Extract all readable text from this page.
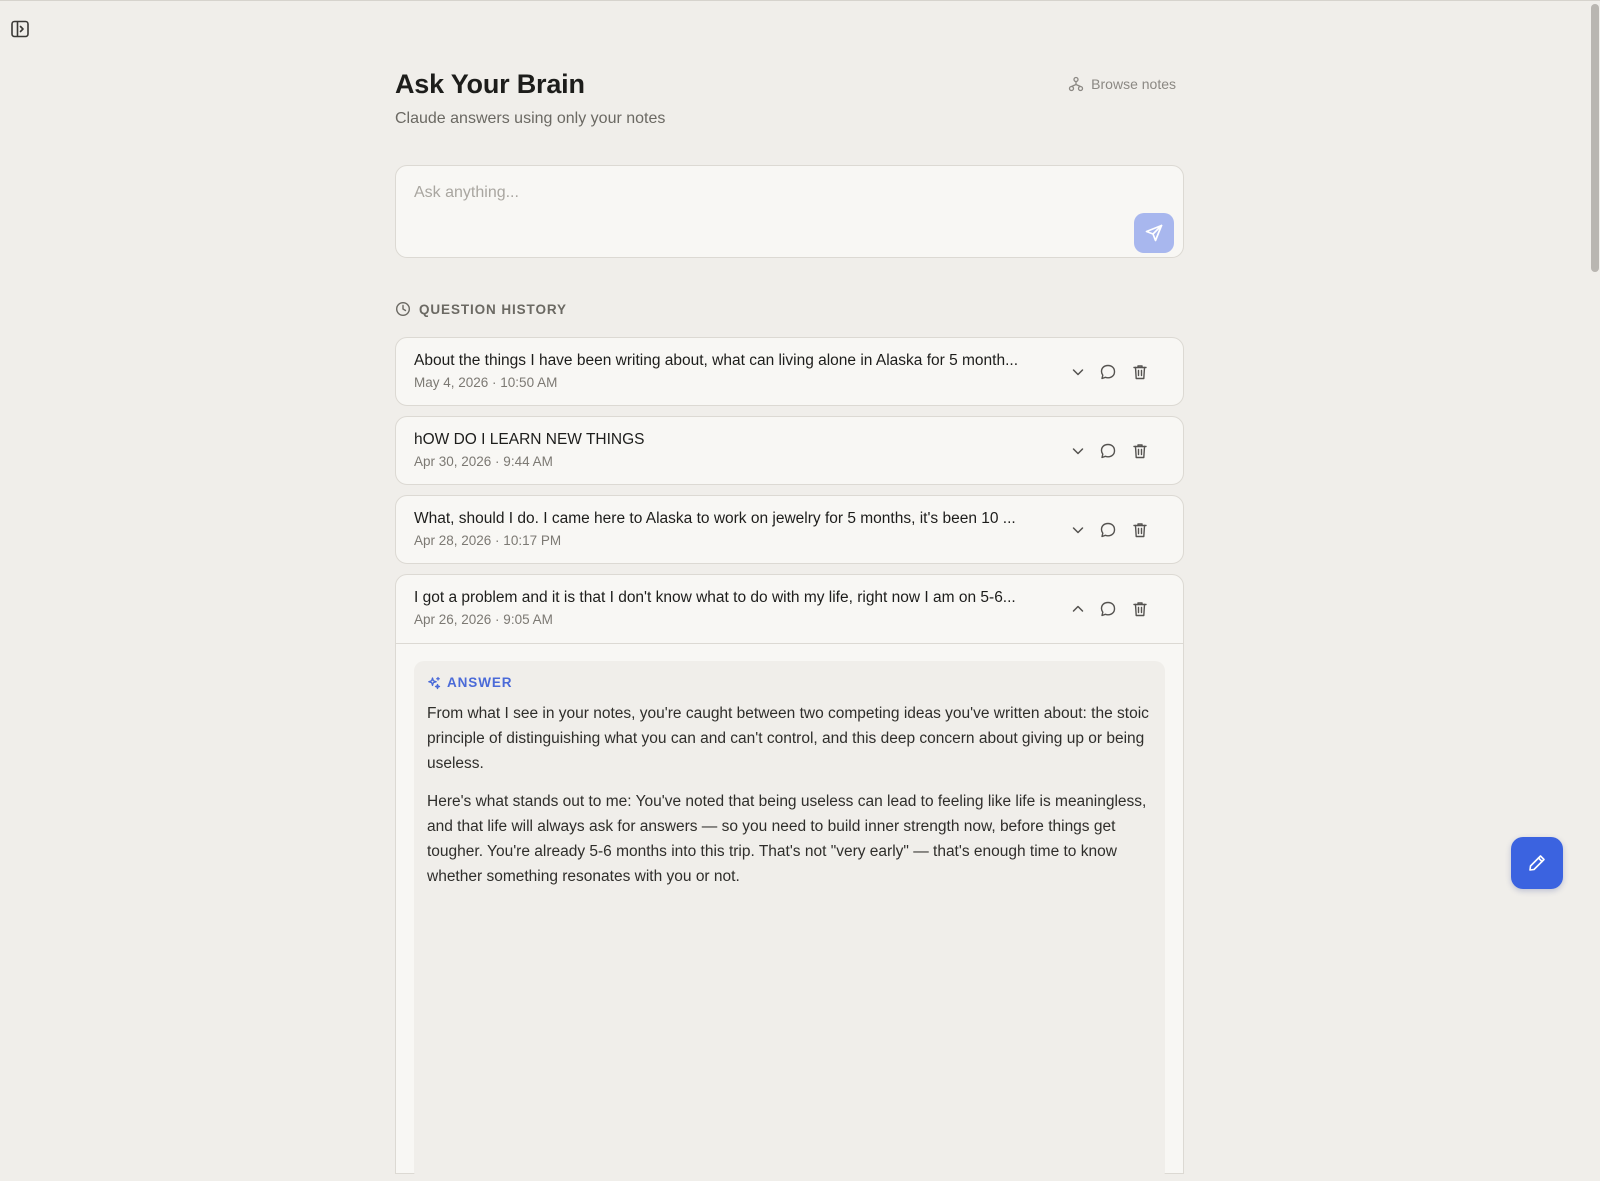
Ask Your Brain
Claude answers using only your notes
Browse notes
Ask anything...
QUESTION HISTORY
About the things I have been writing about, what can living alone in Alaska for 5 month...
May 4, 2026 · 10:50 AM
hOW DO I LEARN NEW THINGS
Apr 30, 2026 · 9:44 AM
What, should I do. I came here to Alaska to work on jewelry for 5 months, it's been 10 ...
Apr 28, 2026 · 10:17 PM
I got a problem and it is that I don't know what to do with my life, right now I am on 5-6...
Apr 26, 2026 · 9:05 AM
ANSWER

From what I see in your notes, you're caught between two competing ideas you've written about: the stoic principle of distinguishing what you can and can't control, and this deep concern about giving up or being useless.

Here's what stands out to me: You've noted that being useless can lead to feeling like life is meaningless, and that life will always ask for answers — so you need to build inner strength now, before things get tougher. You're already 5-6 months into this trip. That's not "very early" — that's enough time to know whether something resonates with you or not.
